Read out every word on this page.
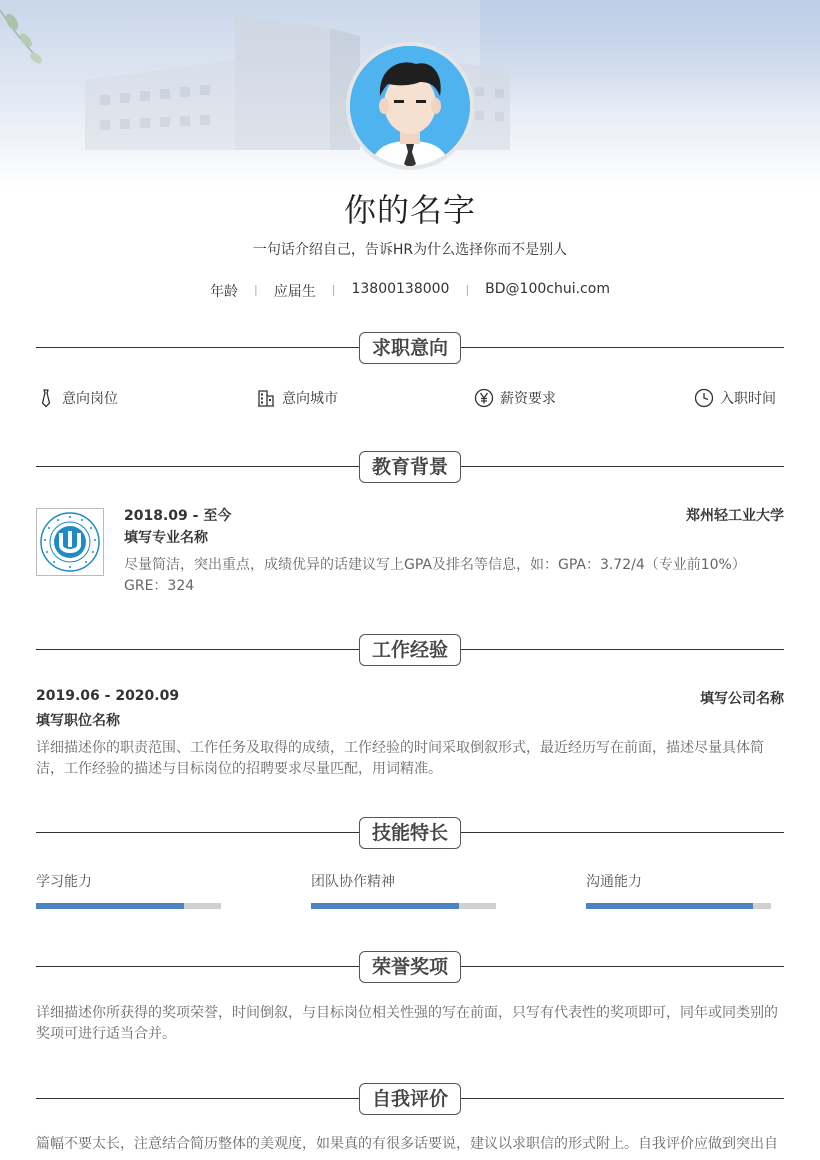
你的名字
一句话介绍自己，告诉HR为什么选择你而不是别人
年龄	|	应届生	|	13800138000	|	BD@100chui.com
求职意向
意向岗位	意向城市	薪资要求	入职时间
教育背景
2018.09 - 至今	郑州轻工业大学
填写专业名称
尽量简洁，突出重点，成绩优异的话建议写上GPA及排名等信息，如：GPA：3.72/4（专业前10%） GRE：324
工作经验
2019.06 - 2020.09	填写公司名称
填写职位名称
详细描述你的职责范围、工作任务及取得的成绩，工作经验的时间采取倒叙形式，最近经历写在前面，描述尽量具体简洁，工作经验的描述与目标岗位的招聘要求尽量匹配，用词精准。
技能特长
学习能力	团队协作精神	沟通能力
荣誉奖项
详细描述你所获得的奖项荣誉，时间倒叙，与目标岗位相关性强的写在前面，只写有代表性的奖项即可，同年或同类别的奖项可进行适当合并。
自我评价
篇幅不要太长，注意结合简历整体的美观度，如果真的有很多话要说，建议以求职信的形式附上。自我评价应做到突出自
